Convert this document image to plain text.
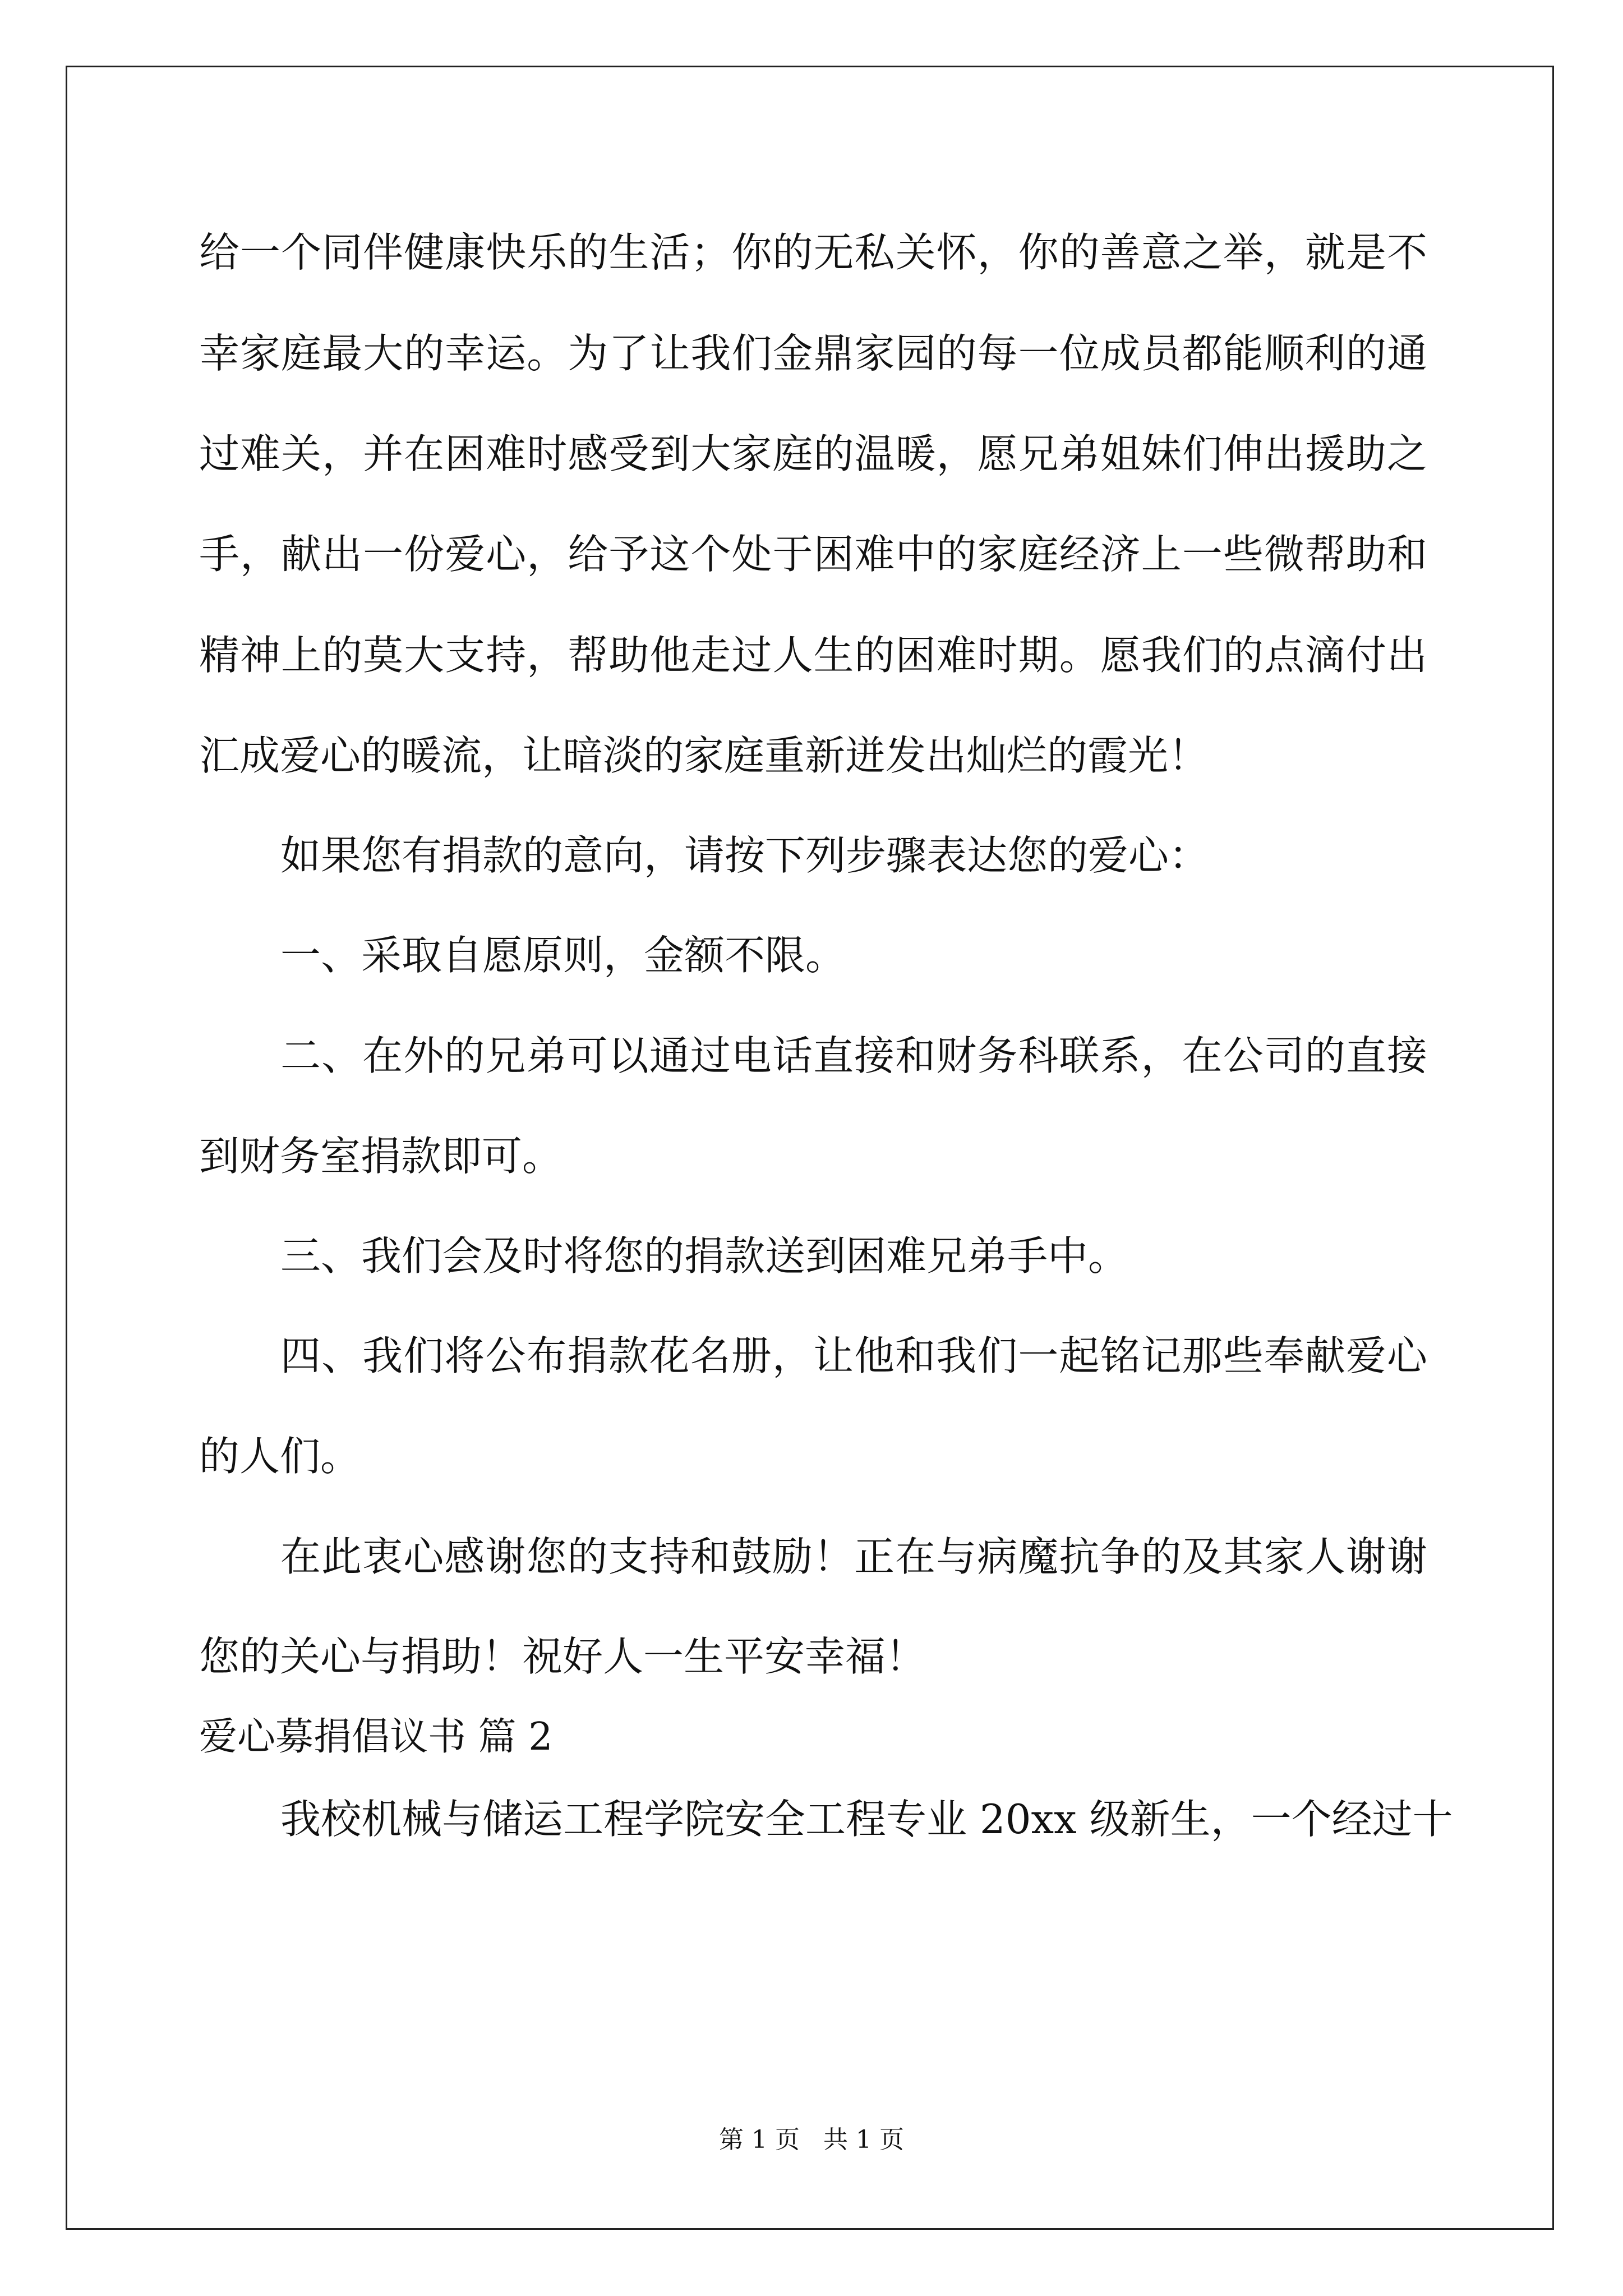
给一个同伴健康快乐的生活；你的无私关怀，你的善意之举，就是不
幸家庭最大的幸运。为了让我们金鼎家园的每一位成员都能顺利的通
过难关，并在困难时感受到大家庭的温暖，愿兄弟姐妹们伸出援助之
手，献出一份爱心，给予这个处于困难中的家庭经济上一些微帮助和
精神上的莫大支持，帮助他走过人生的困难时期。愿我们的点滴付出
汇成爱心的暖流，让暗淡的家庭重新迸发出灿烂的霞光！
如果您有捐款的意向，请按下列步骤表达您的爱心：
一、采取自愿原则，金额不限。
二、在外的兄弟可以通过电话直接和财务科联系，在公司的直接
到财务室捐款即可。
三、我们会及时将您的捐款送到困难兄弟手中。
四、我们将公布捐款花名册，让他和我们一起铭记那些奉献爱心
的人们。
在此衷心感谢您的支持和鼓励！正在与病魔抗争的及其家人谢谢
您的关心与捐助！祝好人一生平安幸福！
爱心募捐倡议书 篇 2
我校机械与储运工程学院安全工程专业 20xx 级新生，一个经过十
第 1 页   共 1 页
